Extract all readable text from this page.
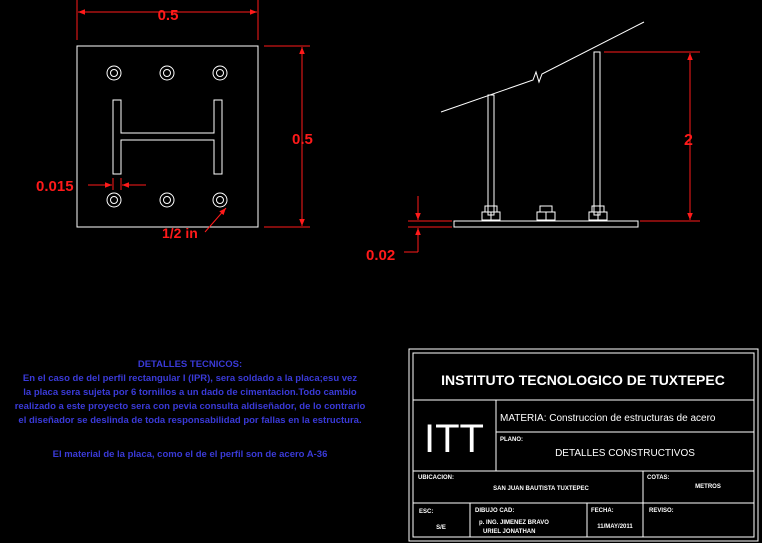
0.5
0.5
0.015
1/2 in
2
0.02
INSTITUTO TECNOLOGICO DE TUXTEPEC
ITT MATERIA: Construccion de estructuras de acero
PLANO:
DETALLES CONSTRUCTIVOS
UBICACION:
SAN JUAN BAUTISTA TUXTEPEC
COTAS:
METROS
ESC:
S/E
DIBUJO CAD:
p. ING. JIMENEZ BRAVO
URIEL JONATHAN
FECHA:
11/MAY/2011
REVISO:
DETALLES TECNICOS:
En el caso de del perfil rectangular I (IPR), sera soldado a la placa;esu vez
la placa sera sujeta por 6 tornillos a un dado de cimentacion.Todo cambio
realizado a este proyecto sera con pevia consulta aldiseñador, de lo contrario
el diseñador se deslinda de toda responsabilidad por fallas en la estructura.
El material de la placa, como el de el perfil son de acero A-36
